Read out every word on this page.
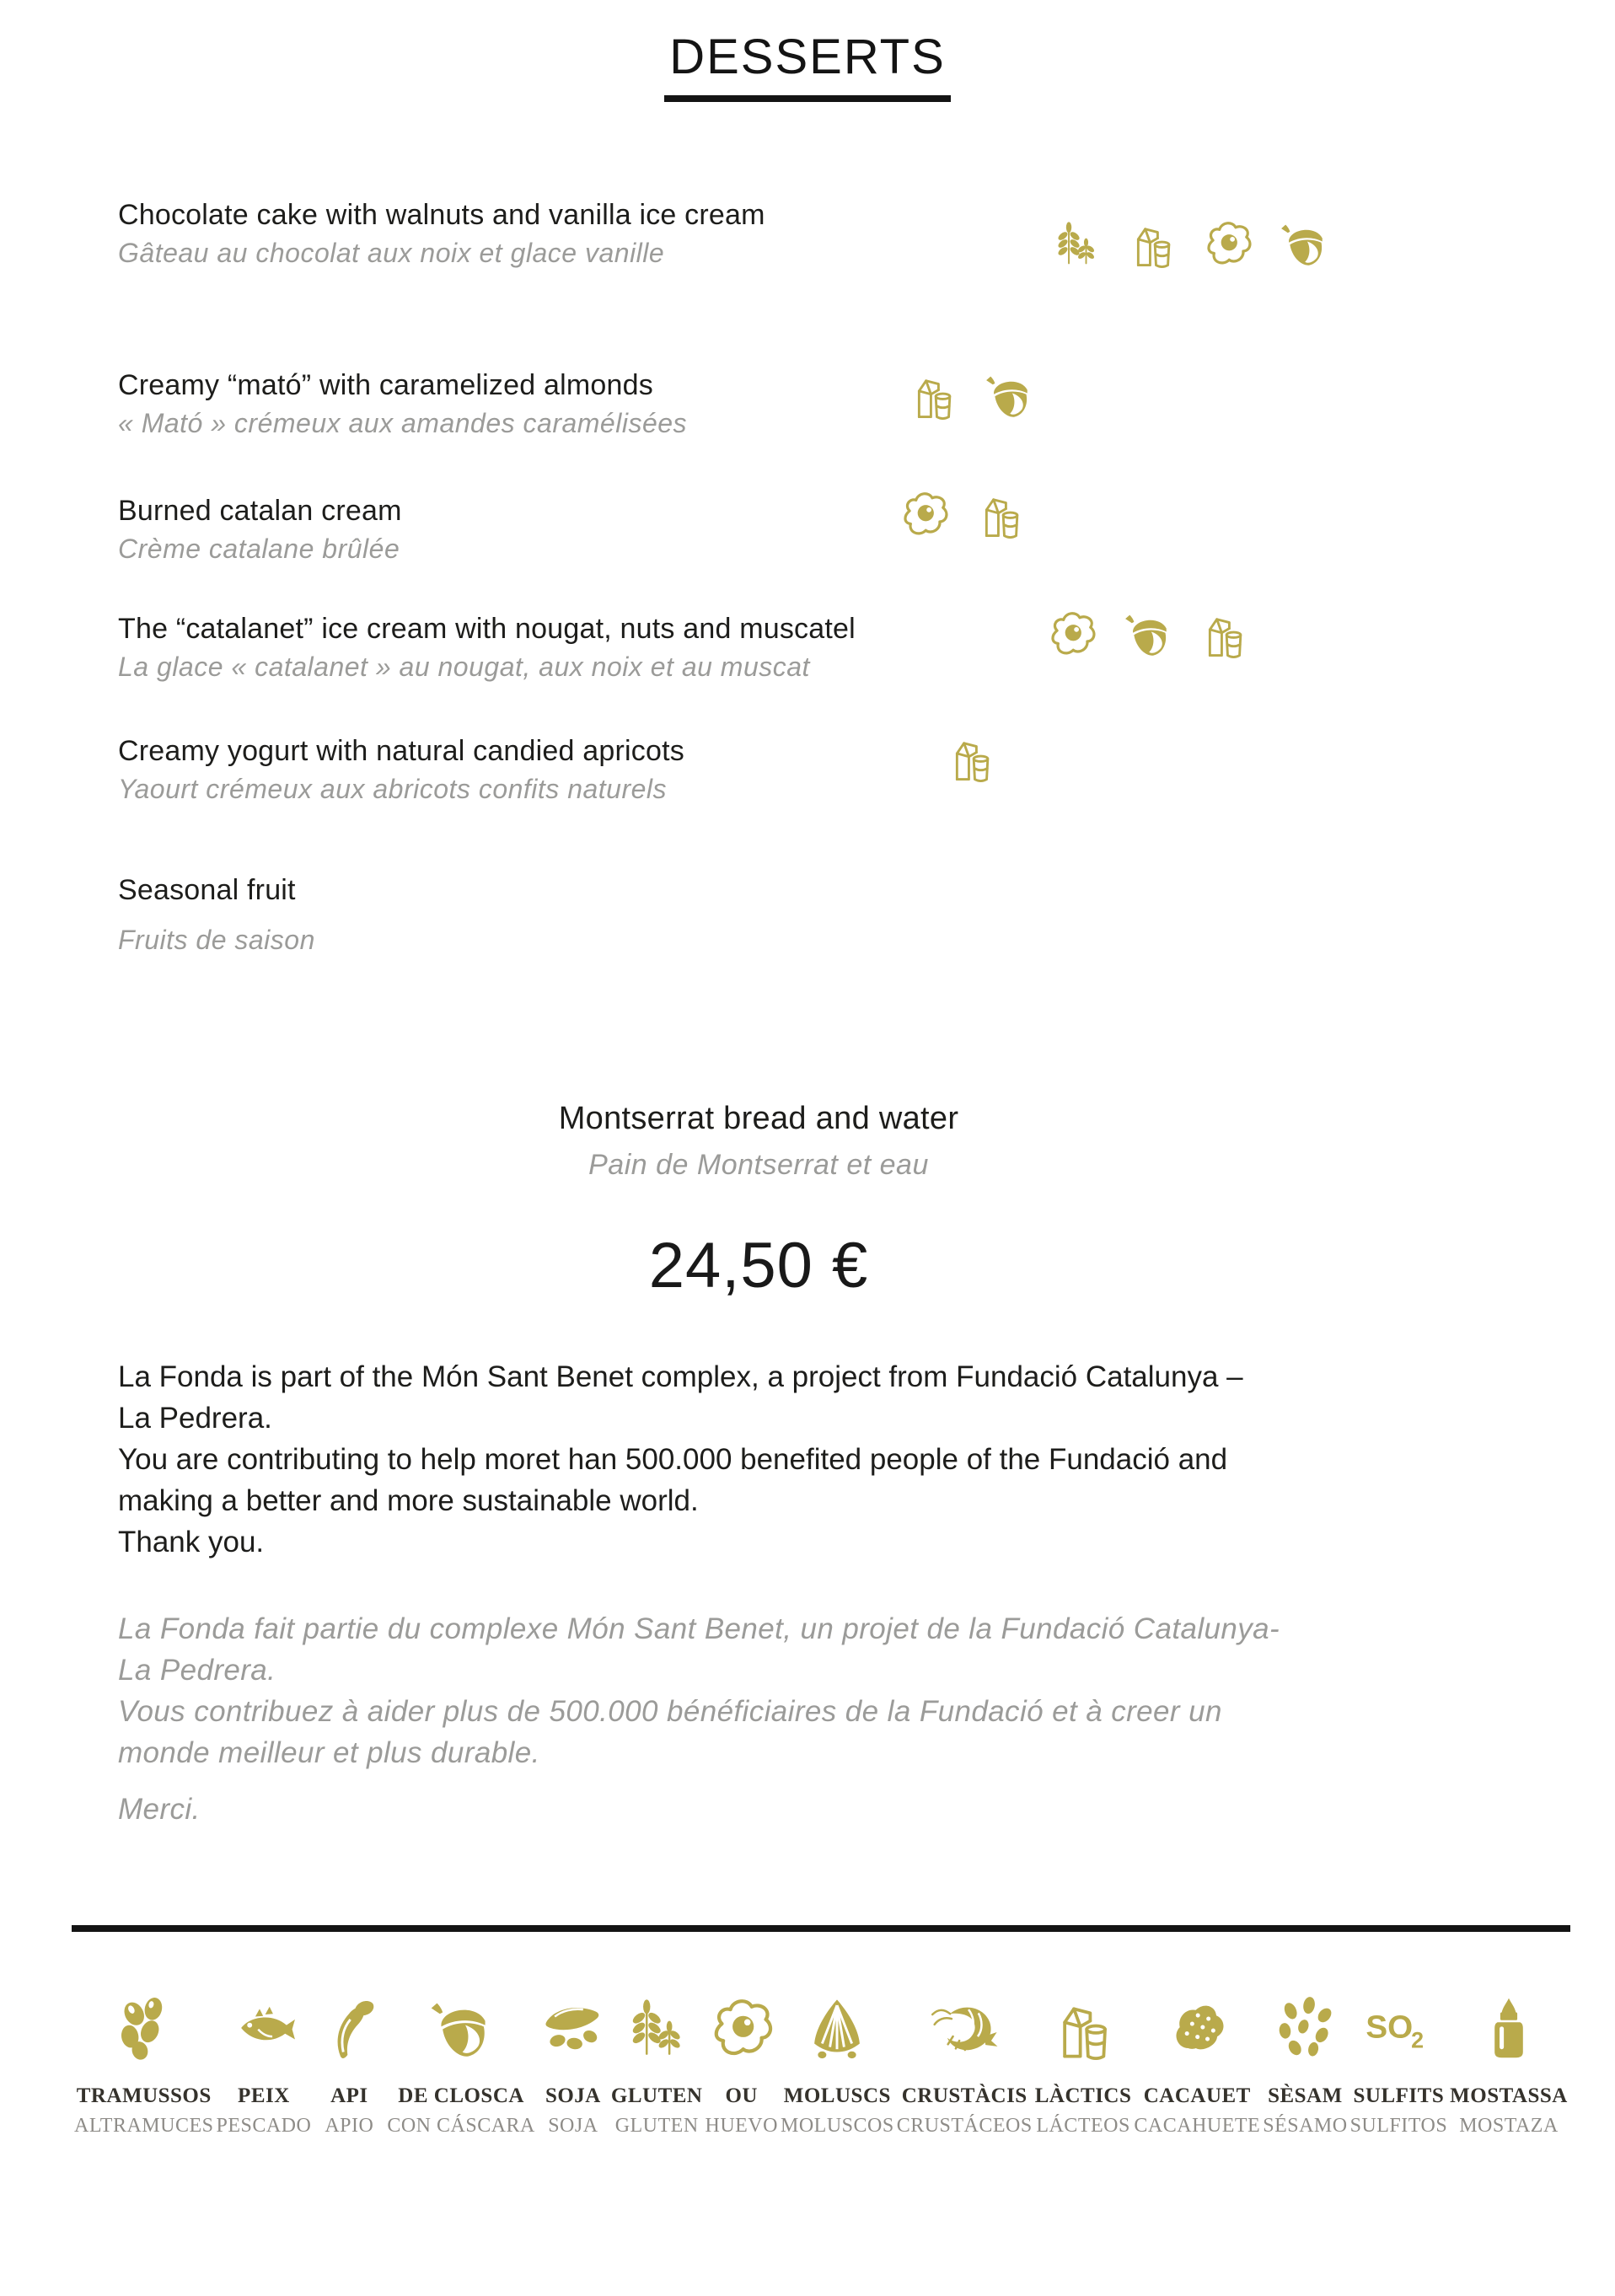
DESSERTS
Chocolate cake with walnuts and vanilla ice cream
Gâteau au chocolat aux noix et glace vanille
Creamy “mató” with caramelized almonds
« Mató » crémeux aux amandes caramélisées
Burned catalan cream
Crème catalane brûlée
The “catalanet” ice cream with nougat, nuts and muscatel
La glace « catalanet » au nougat, aux noix et au muscat
Creamy yogurt with natural candied apricots
Yaourt crémeux aux abricots confits naturels
Seasonal fruit
Fruits de saison
Montserrat bread and water
Pain de Montserrat et eau
24,50 €
La Fonda is part of the Món Sant Benet complex, a project from Fundació Catalunya –
La Pedrera.
You are contributing to help moret han 500.000 benefited people of the Fundació and
making a better and more sustainable world.
Thank you.
La Fonda fait partie du complexe Món Sant Benet, un projet de la Fundació Catalunya-
La Pedrera.
Vous contribuez à aider plus de 500.000 bénéficiaires de la Fundació et à creer un
monde meilleur et plus durable.
Merci.
TRAMUSSOS
ALTRAMUCES
PEIX
PESCADO
API
APIO
DE CLOSCA
CON CÁSCARA
SOJA
SOJA
GLUTEN
GLUTEN
OU
HUEVO
MOLUSCS
MOLUSCOS
CRUSTÀCIS
CRUSTÁCEOS
LÀCTICS
LÁCTEOS
CACAUET
CACAHUETE
SÈSAM
SÉSAMO
SULFITS
SULFITOS
MOSTASSA
MOSTAZA
